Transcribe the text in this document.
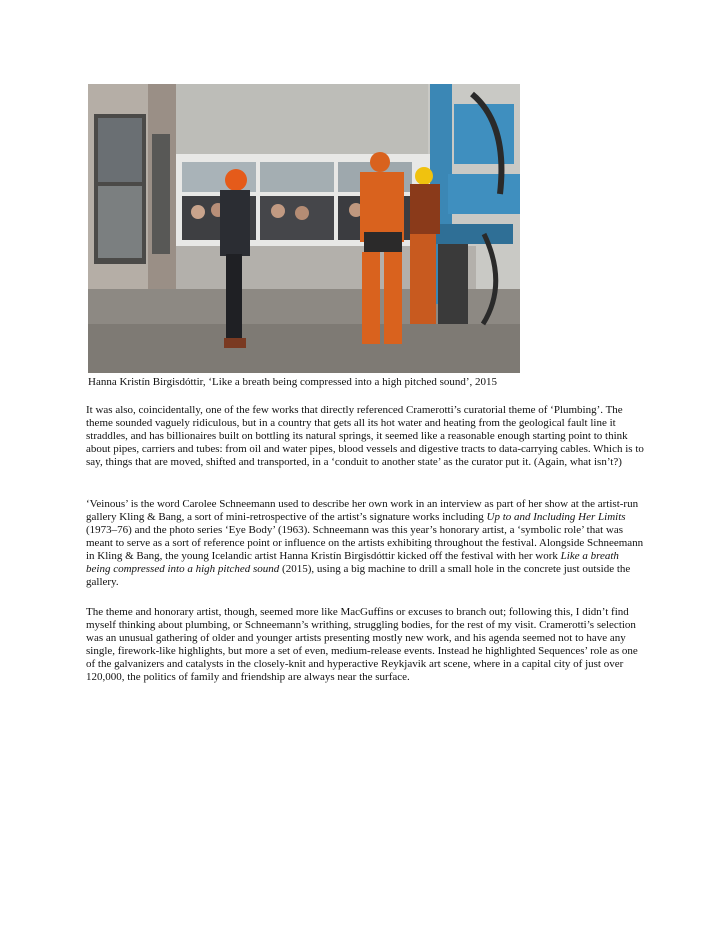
Hanna Kristín Birgisdóttir, ‘Like a breath being compressed into a high pitched sound’, 2015

It was also, coincidentally, one of the few works that directly referenced Cramerotti’s curatorial theme of ‘Plumbing’. The theme sounded vaguely ridiculous, but in a country that gets all its hot water and heating from the geological fault line it straddles, and has billionaires built on bottling its natural springs, it seemed like a reasonable enough starting point to think about pipes, carriers and tubes: from oil and water pipes, blood vessels and digestive tracts to data-carrying cables. Which is to say, things that are moved, shifted and transported, in a ‘conduit to another state’ as the curator put it. (Again, what isn’t?)

‘Veinous’ is the word Carolee Schneemann used to describe her own work in an interview as part of her show at the artist-run gallery Kling & Bang, a sort of mini-retrospective of the artist’s signature works including Up to and Including Her Limits (1973–76) and the photo series ‘Eye Body’ (1963). Schneemann was this year’s honorary artist, a ‘symbolic role’ that was meant to serve as a sort of reference point or influence on the artists exhibiting throughout the festival. Alongside Schneemann in Kling & Bang, the young Icelandic artist Hanna Kristín Birgisdóttir kicked off the festival with her work Like a breath being compressed into a high pitched sound (2015), using a big machine to drill a small hole in the concrete just outside the gallery.

The theme and honorary artist, though, seemed more like MacGuffins or excuses to branch out; following this, I didn’t find myself thinking about plumbing, or Schneemann’s writhing, struggling bodies, for the rest of my visit. Cramerotti’s selection was an unusual gathering of older and younger artists presenting mostly new work, and his agenda seemed not to have any single, firework-like highlights, but more a set of even, medium-release events. Instead he highlighted Sequences’ role as one of the galvanizers and catalysts in the closely-knit and hyperactive Reykjavik art scene, where in a capital city of just over 120,000, the politics of family and friendship are always near the surface.
